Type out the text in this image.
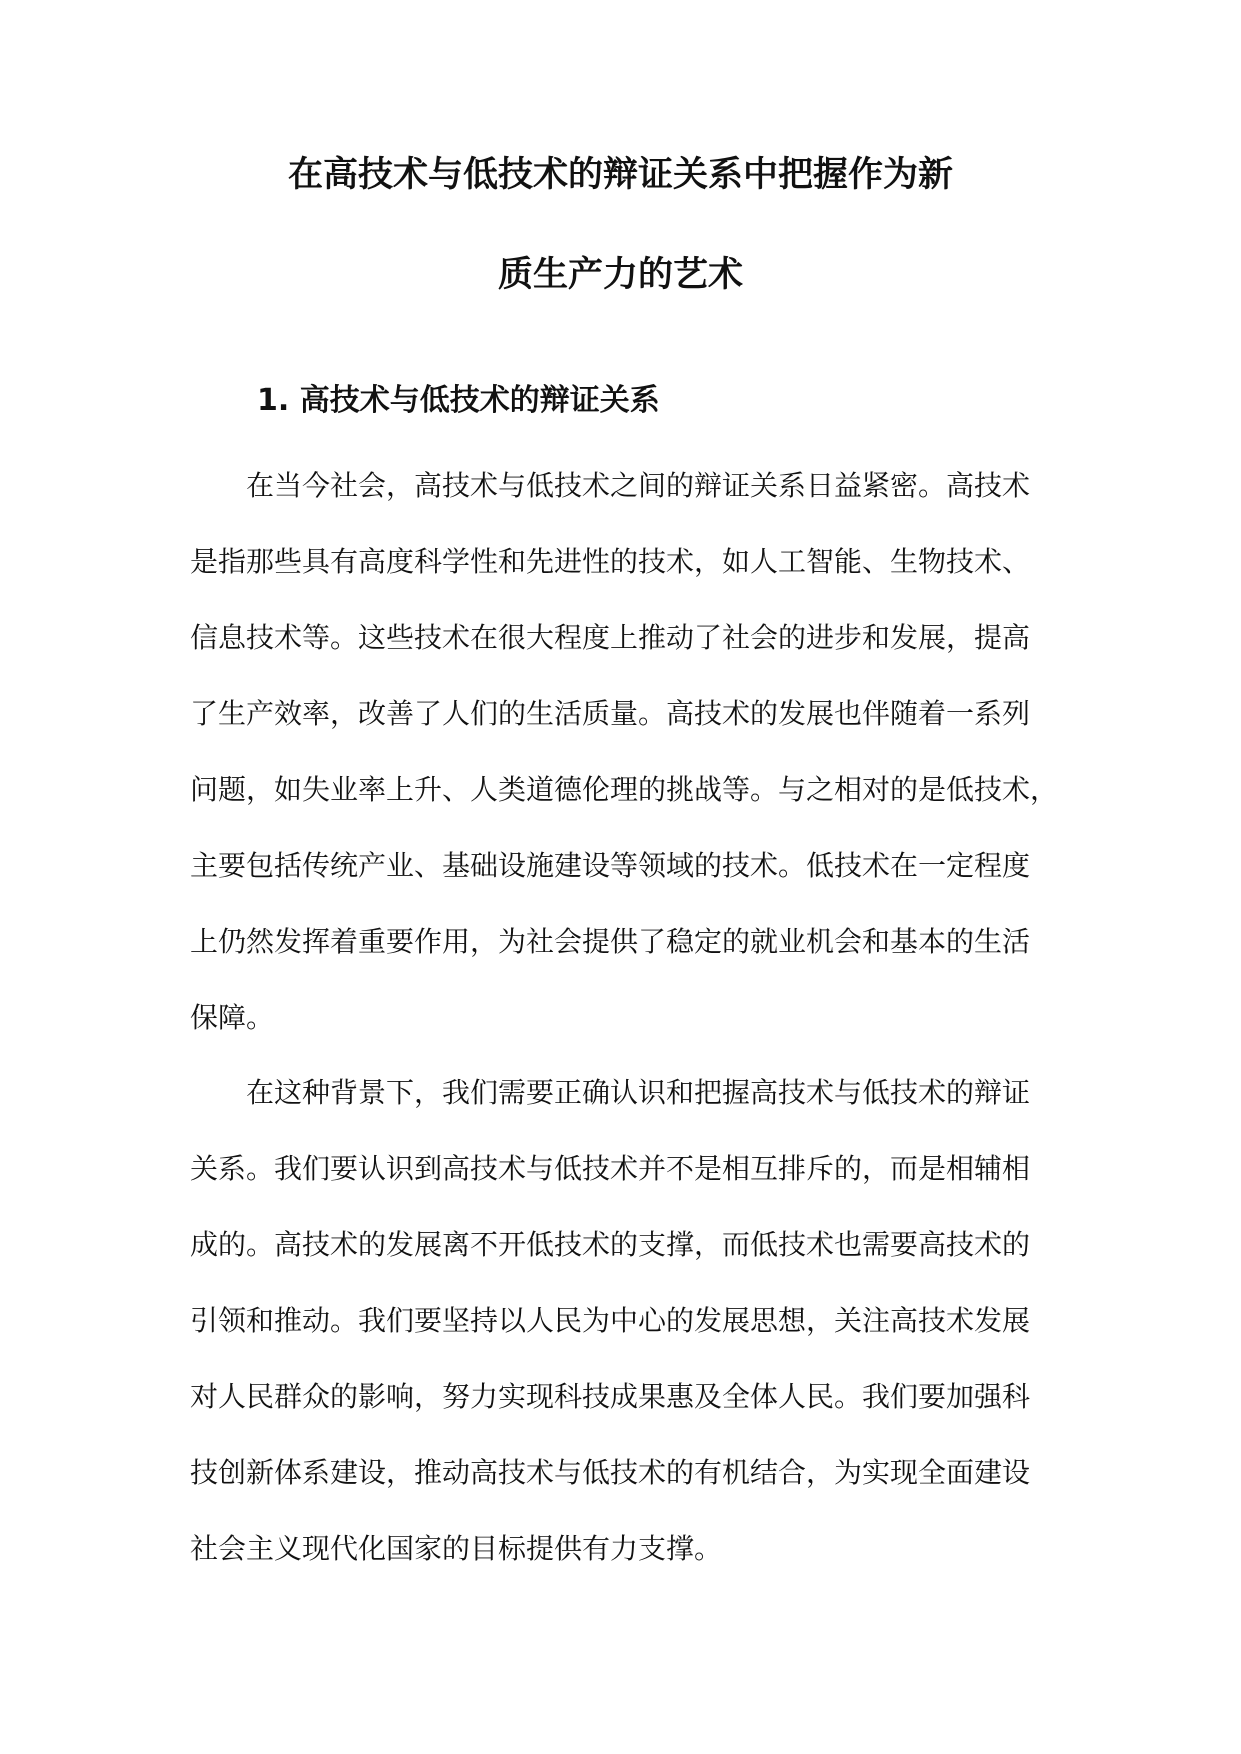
在高技术与低技术的辩证关系中把握作为新
质生产力的艺术
1. 高技术与低技术的辩证关系
在当今社会，高技术与低技术之间的辩证关系日益紧密。高技术
是指那些具有高度科学性和先进性的技术，如人工智能、生物技术、
信息技术等。这些技术在很大程度上推动了社会的进步和发展，提高
了生产效率，改善了人们的生活质量。高技术的发展也伴随着一系列
问题，如失业率上升、人类道德伦理的挑战等。与之相对的是低技术，
主要包括传统产业、基础设施建设等领域的技术。低技术在一定程度
上仍然发挥着重要作用，为社会提供了稳定的就业机会和基本的生活
保障。
在这种背景下，我们需要正确认识和把握高技术与低技术的辩证
关系。我们要认识到高技术与低技术并不是相互排斥的，而是相辅相
成的。高技术的发展离不开低技术的支撑，而低技术也需要高技术的
引领和推动。我们要坚持以人民为中心的发展思想，关注高技术发展
对人民群众的影响，努力实现科技成果惠及全体人民。我们要加强科
技创新体系建设，推动高技术与低技术的有机结合，为实现全面建设
社会主义现代化国家的目标提供有力支撑。
